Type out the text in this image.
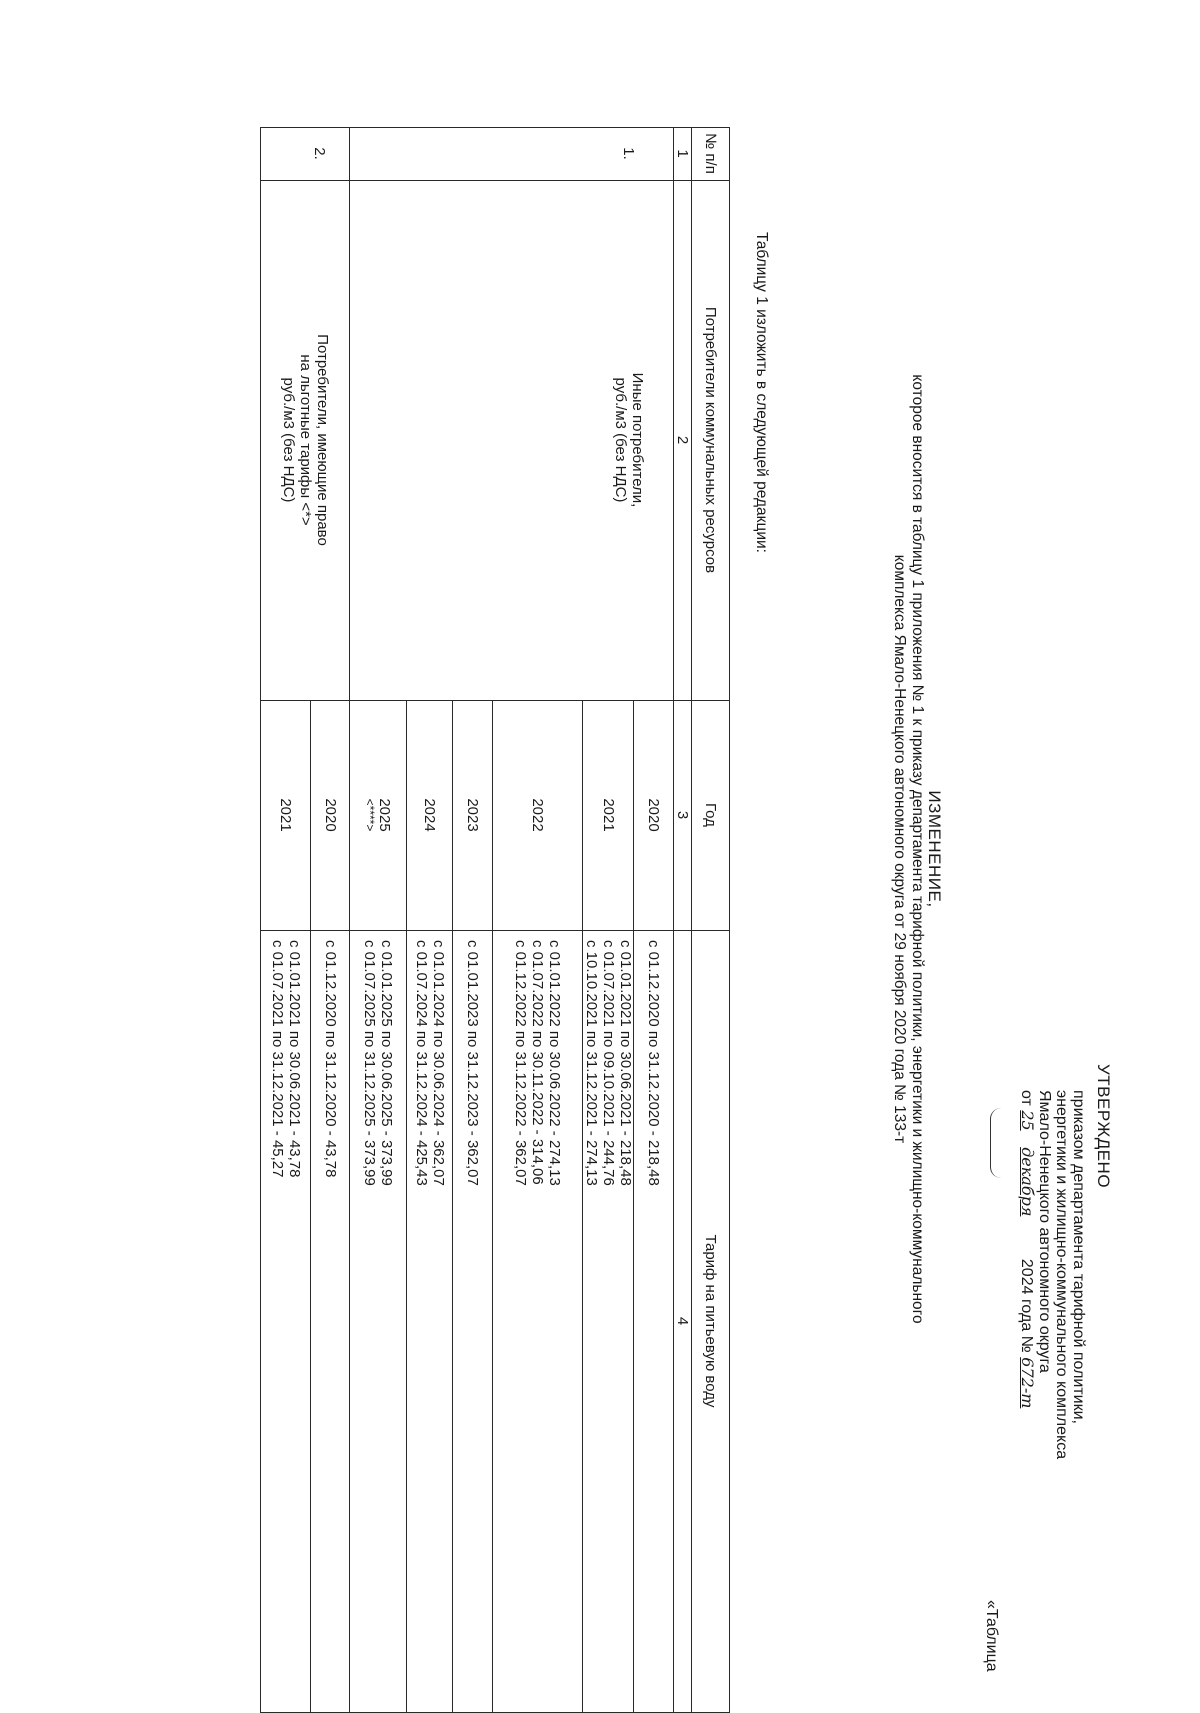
УТВЕРЖДЕНО
приказом департамента тарифной политики,
энергетики и жилищно-коммунального комплекса
Ямало-Ненецкого автономного округа
от 25 декабря 2024 года № 672-т
«Таблица
ИЗМЕНЕНИЕ,
которое вносится в таблицу 1 приложения № 1 к приказу департамента тарифной политики, энергетики и жилищно-коммунального
комплекса Ямало-Ненецкого автономного округа от 29 ноября 2020 года № 133-т
Таблицу 1 изложить в следующей редакции:
№ п/п
Потребители коммунальных ресурсов
Год
Тариф на питьевую воду
1
2
3
4
1.
Иные потребители,
руб./м3 (без НДС)
2.
Потребители, имеющие право
на льготные тарифы <*>
руб./м3 (без НДС)
2020
с 01.12.2020 по 31.12.2020 - 218,48
2021
с 01.01.2021 по 30.06.2021 - 218,48
с 01.07.2021 по 09.10.2021 - 244,76
с 10.10.2021 по 31.12.2021 - 274,13
2022
с 01.01.2022 по 30.06.2022 - 274,13
с 01.07.2022 по 30.11.2022 - 314,06
с 01.12.2022 по 31.12.2022 - 362,07
2023
с 01.01.2023 по 31.12.2023 - 362,07
2024
с 01.01.2024 по 30.06.2024 - 362,07
с 01.07.2024 по 31.12.2024 - 425,43
2025
<****>
с 01.01.2025 по 30.06.2025 - 373,99
с 01.07.2025 по 31.12.2025 - 373,99
2020
с 01.12.2020 по 31.12.2020 - 43,78
2021
с 01.01.2021 по 30.06.2021 - 43,78
с 01.07.2021 по 31.12.2021 - 45,27
